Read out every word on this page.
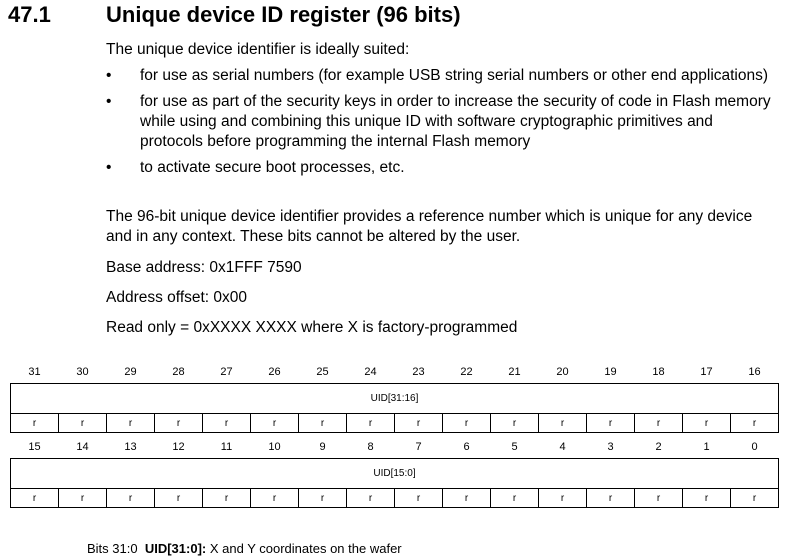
47.1	Unique device ID register (96 bits)
The unique device identifier is ideally suited:
• for use as serial numbers (for example USB string serial numbers or other end applications)
• for use as part of the security keys in order to increase the security of code in Flash memory while using and combining this unique ID with software cryptographic primitives and protocols before programming the internal Flash memory
• to activate secure boot processes, etc.
The 96-bit unique device identifier provides a reference number which is unique for any device and in any context. These bits cannot be altered by the user.
Base address: 0x1FFF 7590
Address offset: 0x00
Read only = 0xXXXX XXXX where X is factory-programmed
31	30	29	28	27	26	25	24	23	22	21	20	19	18	17	16
UID[31:16]															
r	r	r	r	r	r	r	r	r	r	r	r	r	r	r	r
15	14	13	12	11	10	9	8	7	6	5	4	3	2	1	0
UID[15:0]															
r	r	r	r	r	r	r	r	r	r	r	r	r	r	r	r
Bits 31:0 UID[31:0]: X and Y coordinates on the wafer
